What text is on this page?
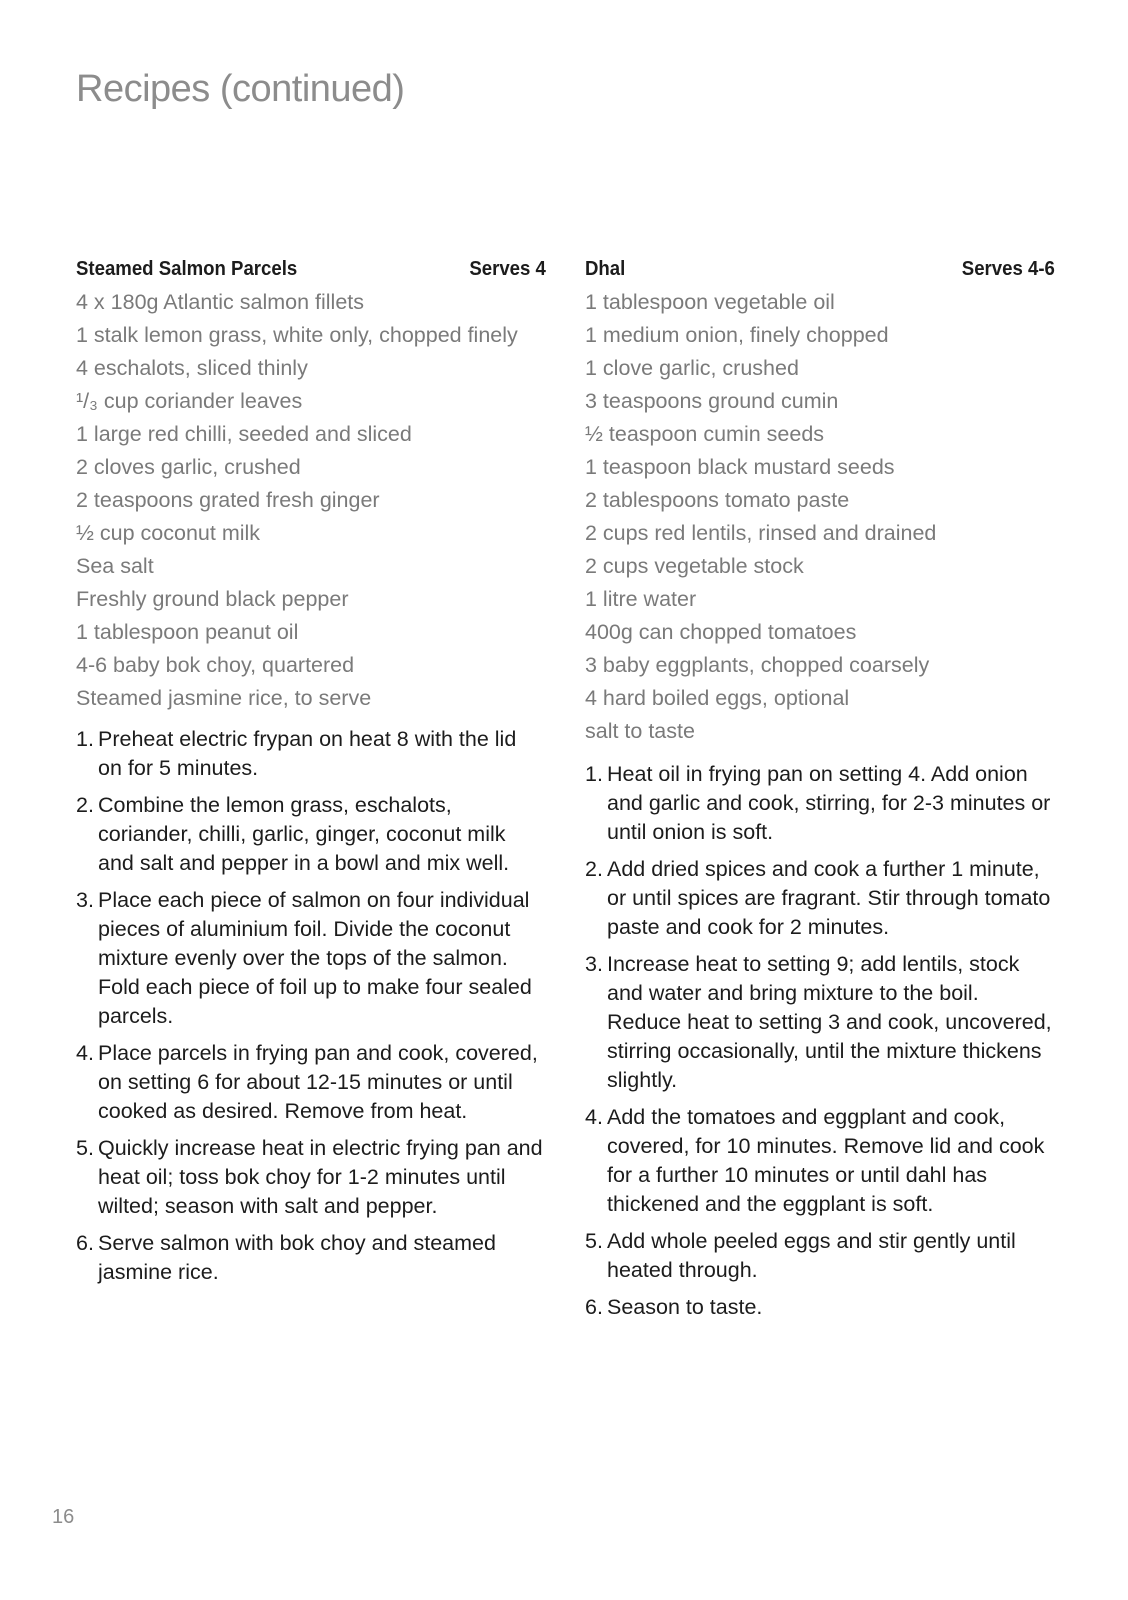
Recipes (continued)
Steamed Salmon Parcels	Serves 4
4 x 180g Atlantic salmon fillets
1 stalk lemon grass, white only, chopped finely
4 eschalots, sliced thinly
¹/₃ cup coriander leaves
1 large red chilli, seeded and sliced
2 cloves garlic, crushed
2 teaspoons grated fresh ginger
½ cup coconut milk
Sea salt
Freshly ground black pepper
1 tablespoon peanut oil
4-6 baby bok choy, quartered
Steamed jasmine rice, to serve
1. Preheat electric frypan on heat 8 with the lid on for 5 minutes.
2. Combine the lemon grass, eschalots, coriander, chilli, garlic, ginger, coconut milk and salt and pepper in a bowl and mix well.
3. Place each piece of salmon on four individual pieces of aluminium foil. Divide the coconut mixture evenly over the tops of the salmon. Fold each piece of foil up to make four sealed parcels.
4. Place parcels in frying pan and cook, covered, on setting 6 for about 12-15 minutes or until cooked as desired. Remove from heat.
5. Quickly increase heat in electric frying pan and heat oil; toss bok choy for 1-2 minutes until wilted; season with salt and pepper.
6. Serve salmon with bok choy and steamed jasmine rice.
Dhal	Serves 4-6
1 tablespoon vegetable oil
1 medium onion, finely chopped
1 clove garlic, crushed
3 teaspoons ground cumin
½ teaspoon cumin seeds
1 teaspoon black mustard seeds
2 tablespoons tomato paste
2 cups red lentils, rinsed and drained
2 cups vegetable stock
1 litre water
400g can chopped tomatoes
3 baby eggplants, chopped coarsely
4 hard boiled eggs, optional
salt to taste
1. Heat oil in frying pan on setting 4. Add onion and garlic and cook, stirring, for 2-3 minutes or until onion is soft.
2. Add dried spices and cook a further 1 minute, or until spices are fragrant. Stir through tomato paste and cook for 2 minutes.
3. Increase heat to setting 9; add lentils, stock and water and bring mixture to the boil. Reduce heat to setting 3 and cook, uncovered, stirring occasionally, until the mixture thickens slightly.
4. Add the tomatoes and eggplant and cook, covered, for 10 minutes. Remove lid and cook for a further 10 minutes or until dahl has thickened and the eggplant is soft.
5. Add whole peeled eggs and stir gently until heated through.
6. Season to taste.
16
